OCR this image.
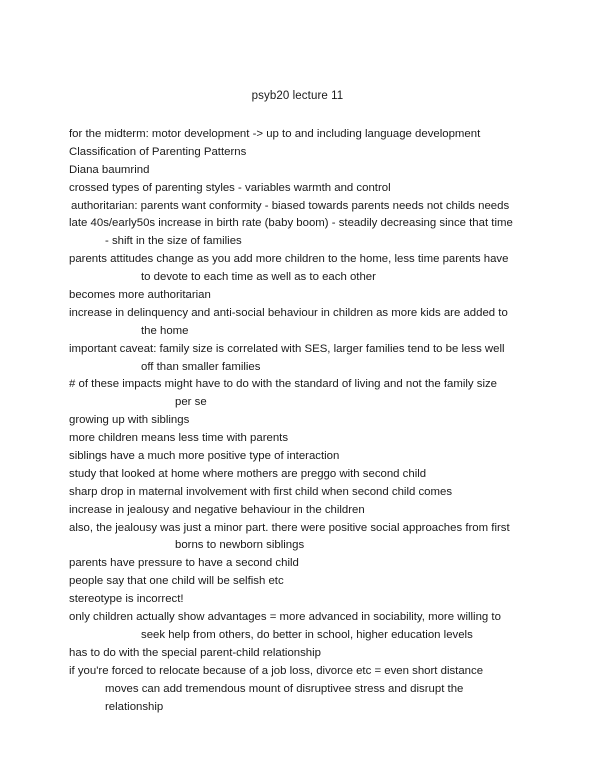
psyb20 lecture 11
for the midterm: motor development -> up to and including language development
Classification of Parenting Patterns
Diana baumrind
crossed types of parenting styles - variables warmth and control
authoritarian: parents want conformity - biased towards parents needs not childs needs
late 40s/early50s increase in birth rate (baby boom) - steadily decreasing since that time
- shift in the size of families
parents attitudes change as you add more children to the home, less time parents have
to devote to each time as well as to each other
becomes more authoritarian
increase in delinquency and anti-social behaviour in children as more kids are added to
the home
important caveat: family size is correlated with SES, larger families tend to be less well
off than smaller families
# of these impacts might have to do with the standard of living and not the family size
per se
growing up with siblings
more children means less time with parents
siblings have a much more positive type of interaction
study that looked at home where mothers are preggo with second child
sharp drop in maternal involvement with first child when second child comes
increase in jealousy and negative behaviour in the children
also, the jealousy was just a minor part. there were positive social approaches from first
borns to newborn siblings
parents have pressure to have a second child
people say that one child will be selfish etc
stereotype is incorrect!
only children actually show advantages = more advanced in sociability, more willing to
seek help from others, do better in school, higher education levels
has to do with the special parent-child relationship
if you're forced to relocate because of a job loss, divorce etc = even short distance
moves can add tremendous mount of disruptivee stress and disrupt the
relationship
